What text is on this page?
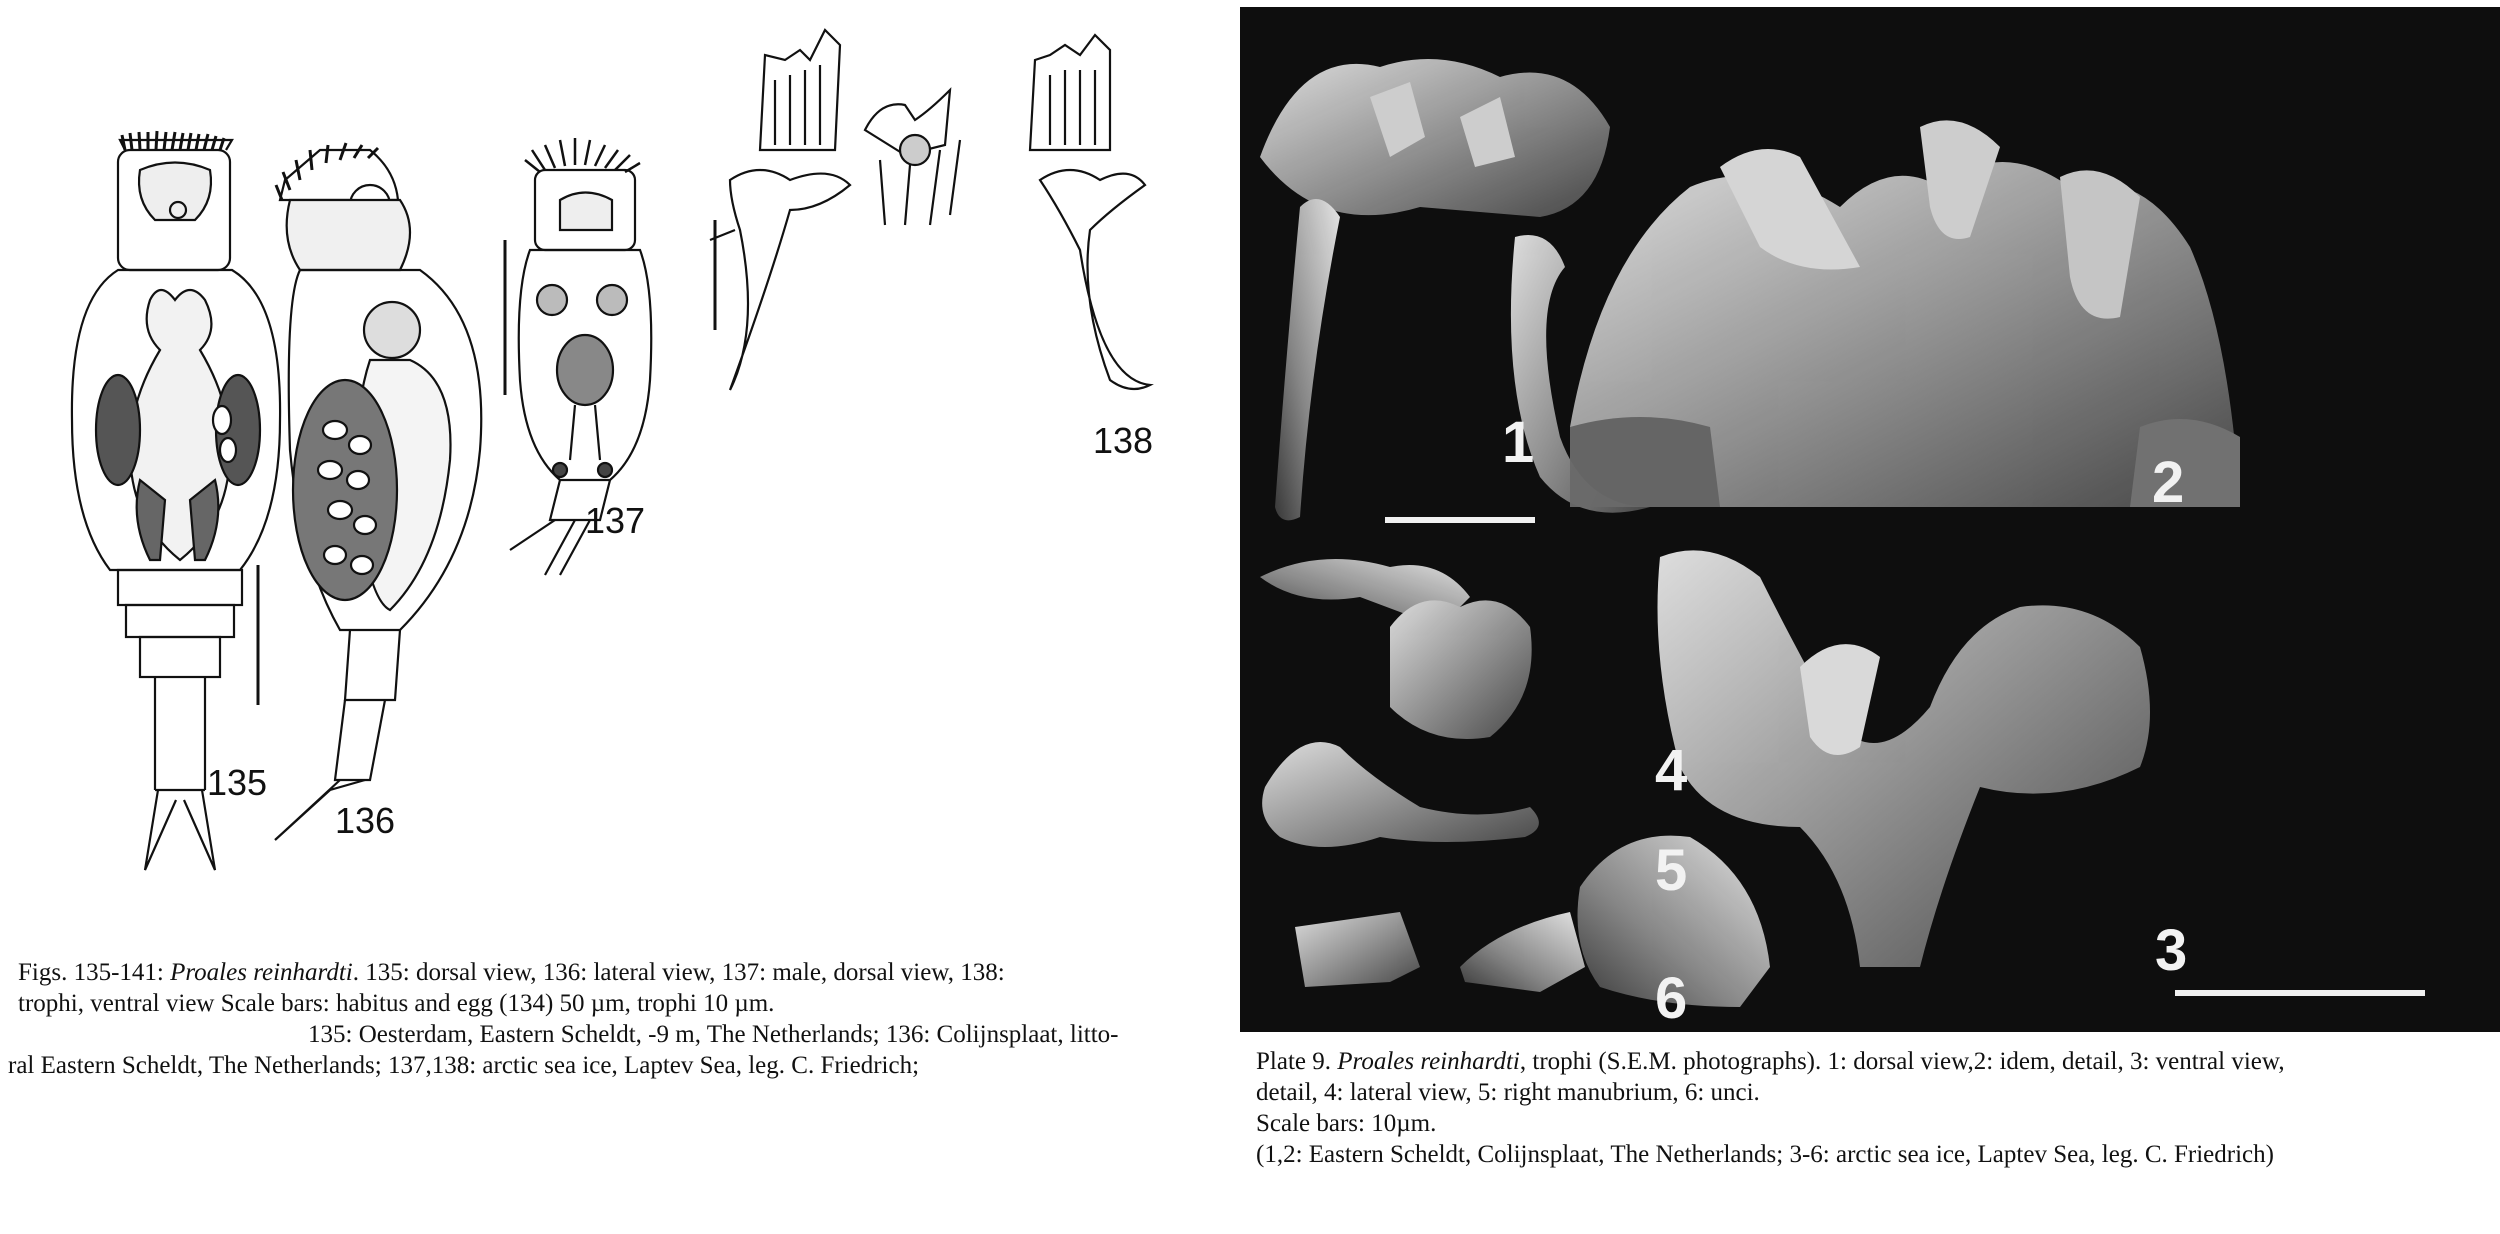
135
136
137
138
Figs. 135-141: Proales reinhardti. 135: dorsal view, 136: lateral view, 137: male, dorsal view, 138:
trophi, ventral view Scale bars: habitus and egg (134) 50 µm, trophi 10 µm.
135: Oesterdam, Eastern Scheldt, -9 m, The Netherlands; 136: Colijnsplaat, litto-
ral Eastern Scheldt, The Netherlands; 137,138: arctic sea ice, Laptev Sea, leg. C. Friedrich;
1
2
4
5
6
3
Plate 9. Proales reinhardti, trophi (S.E.M. photographs). 1: dorsal view,2: idem, detail, 3: ventral view,
detail, 4: lateral view, 5: right manubrium, 6: unci.
Scale bars: 10µm.
(1,2: Eastern Scheldt, Colijnsplaat, The Netherlands; 3-6: arctic sea ice, Laptev Sea, leg. C. Friedrich)
